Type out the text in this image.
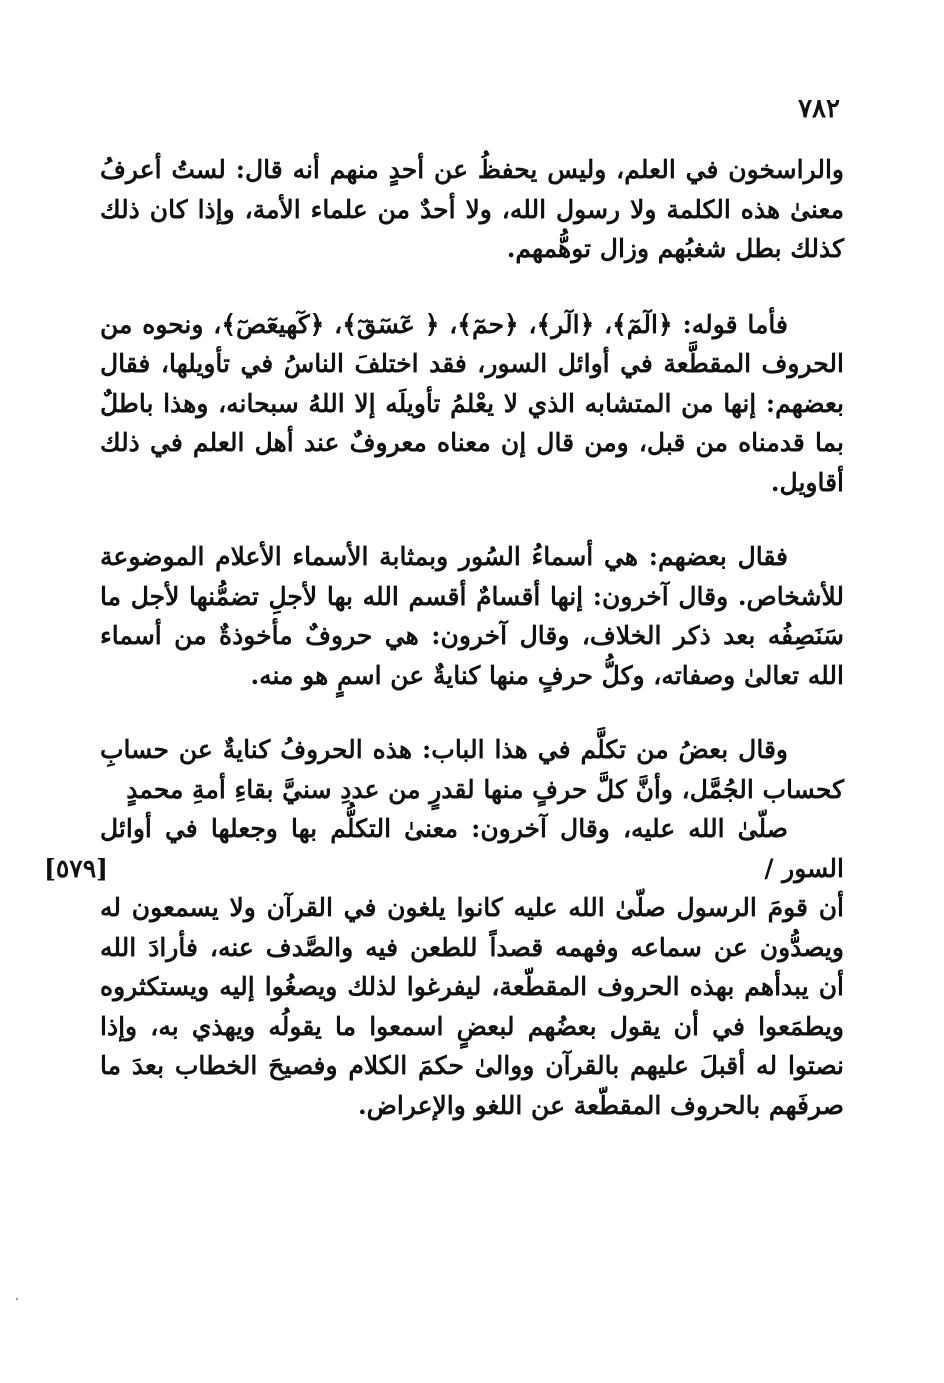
٧٨٢

والراسخون في العلم، وليس يحفظُ عن أحدٍ منهم أنه قال: لستُ أعرفُ معنىٰ هذه الكلمة ولا رسول الله، ولا أحدٌ من علماء الأمة، وإذا كان ذلك كذلك بطل شغبُهم وزال توهُّمهم.

فأما قوله: ﴿الٓمٓ﴾، ﴿الٓر﴾، ﴿حمٓ﴾، ﴿ عٓسٓقٓ﴾، ﴿كٓهيعٓصٓ﴾، ونحوه من الحروف المقطَّعة في أوائل السور، فقد اختلفَ الناسُ في تأويلها، فقال بعضهم: إنها من المتشابه الذي لا يعْلمُ تأويلَه إلا اللهُ سبحانه، وهذا باطلٌ بما قدمناه من قبل، ومن قال إن معناه معروفٌ عند أهل العلم في ذلك أقاويل.

فقال بعضهم: هي أسماءُ السُور وبمثابة الأسماء الأعلام الموضوعة للأشخاص. وقال آخرون: إنها أقسامٌ أقسم الله بها لأجلِ تضمُّنها لأجل ما سَنَصِفُه بعد ذكر الخلاف، وقال آخرون: هي حروفٌ مأخوذةٌ من أسماء الله تعالىٰ وصفاته، وكلُّ حرفٍ منها كنايةٌ عن اسمٍ هو منه.

وقال بعضُ من تكلَّم في هذا الباب: هذه الحروفُ كنايةٌ عن حسابِ كحساب الجُمَّل، وأنَّ كلَّ حرفٍ منها لقدرٍ من عددِ سنيَّ بقاءِ أمةِ محمدٍ
صلّىٰ الله عليه، وقال آخرون: معنىٰ التكلُّم بها وجعلها في أوائل السور /
[٥٧٩]
أن قومَ الرسول صلّىٰ الله عليه كانوا يلغون في القرآن ولا يسمعون له ويصدُّون عن سماعه وفهمه قصداً للطعن فيه والصَّدف عنه، فأرادَ الله أن يبدأهم بهذه الحروف المقطّعة، ليفرغوا لذلك ويصغُوا إليه ويستكثروه ويطمَعوا في أن يقول بعضُهم لبعضٍ اسمعوا ما يقولُه ويهذي به، وإذا نصتوا له أقبلَ عليهم بالقرآن ووالىٰ حكمَ الكلام وفصيحَ الخطاب بعدَ ما صرفَهم بالحروف المقطّعة عن اللغو والإعراض.
